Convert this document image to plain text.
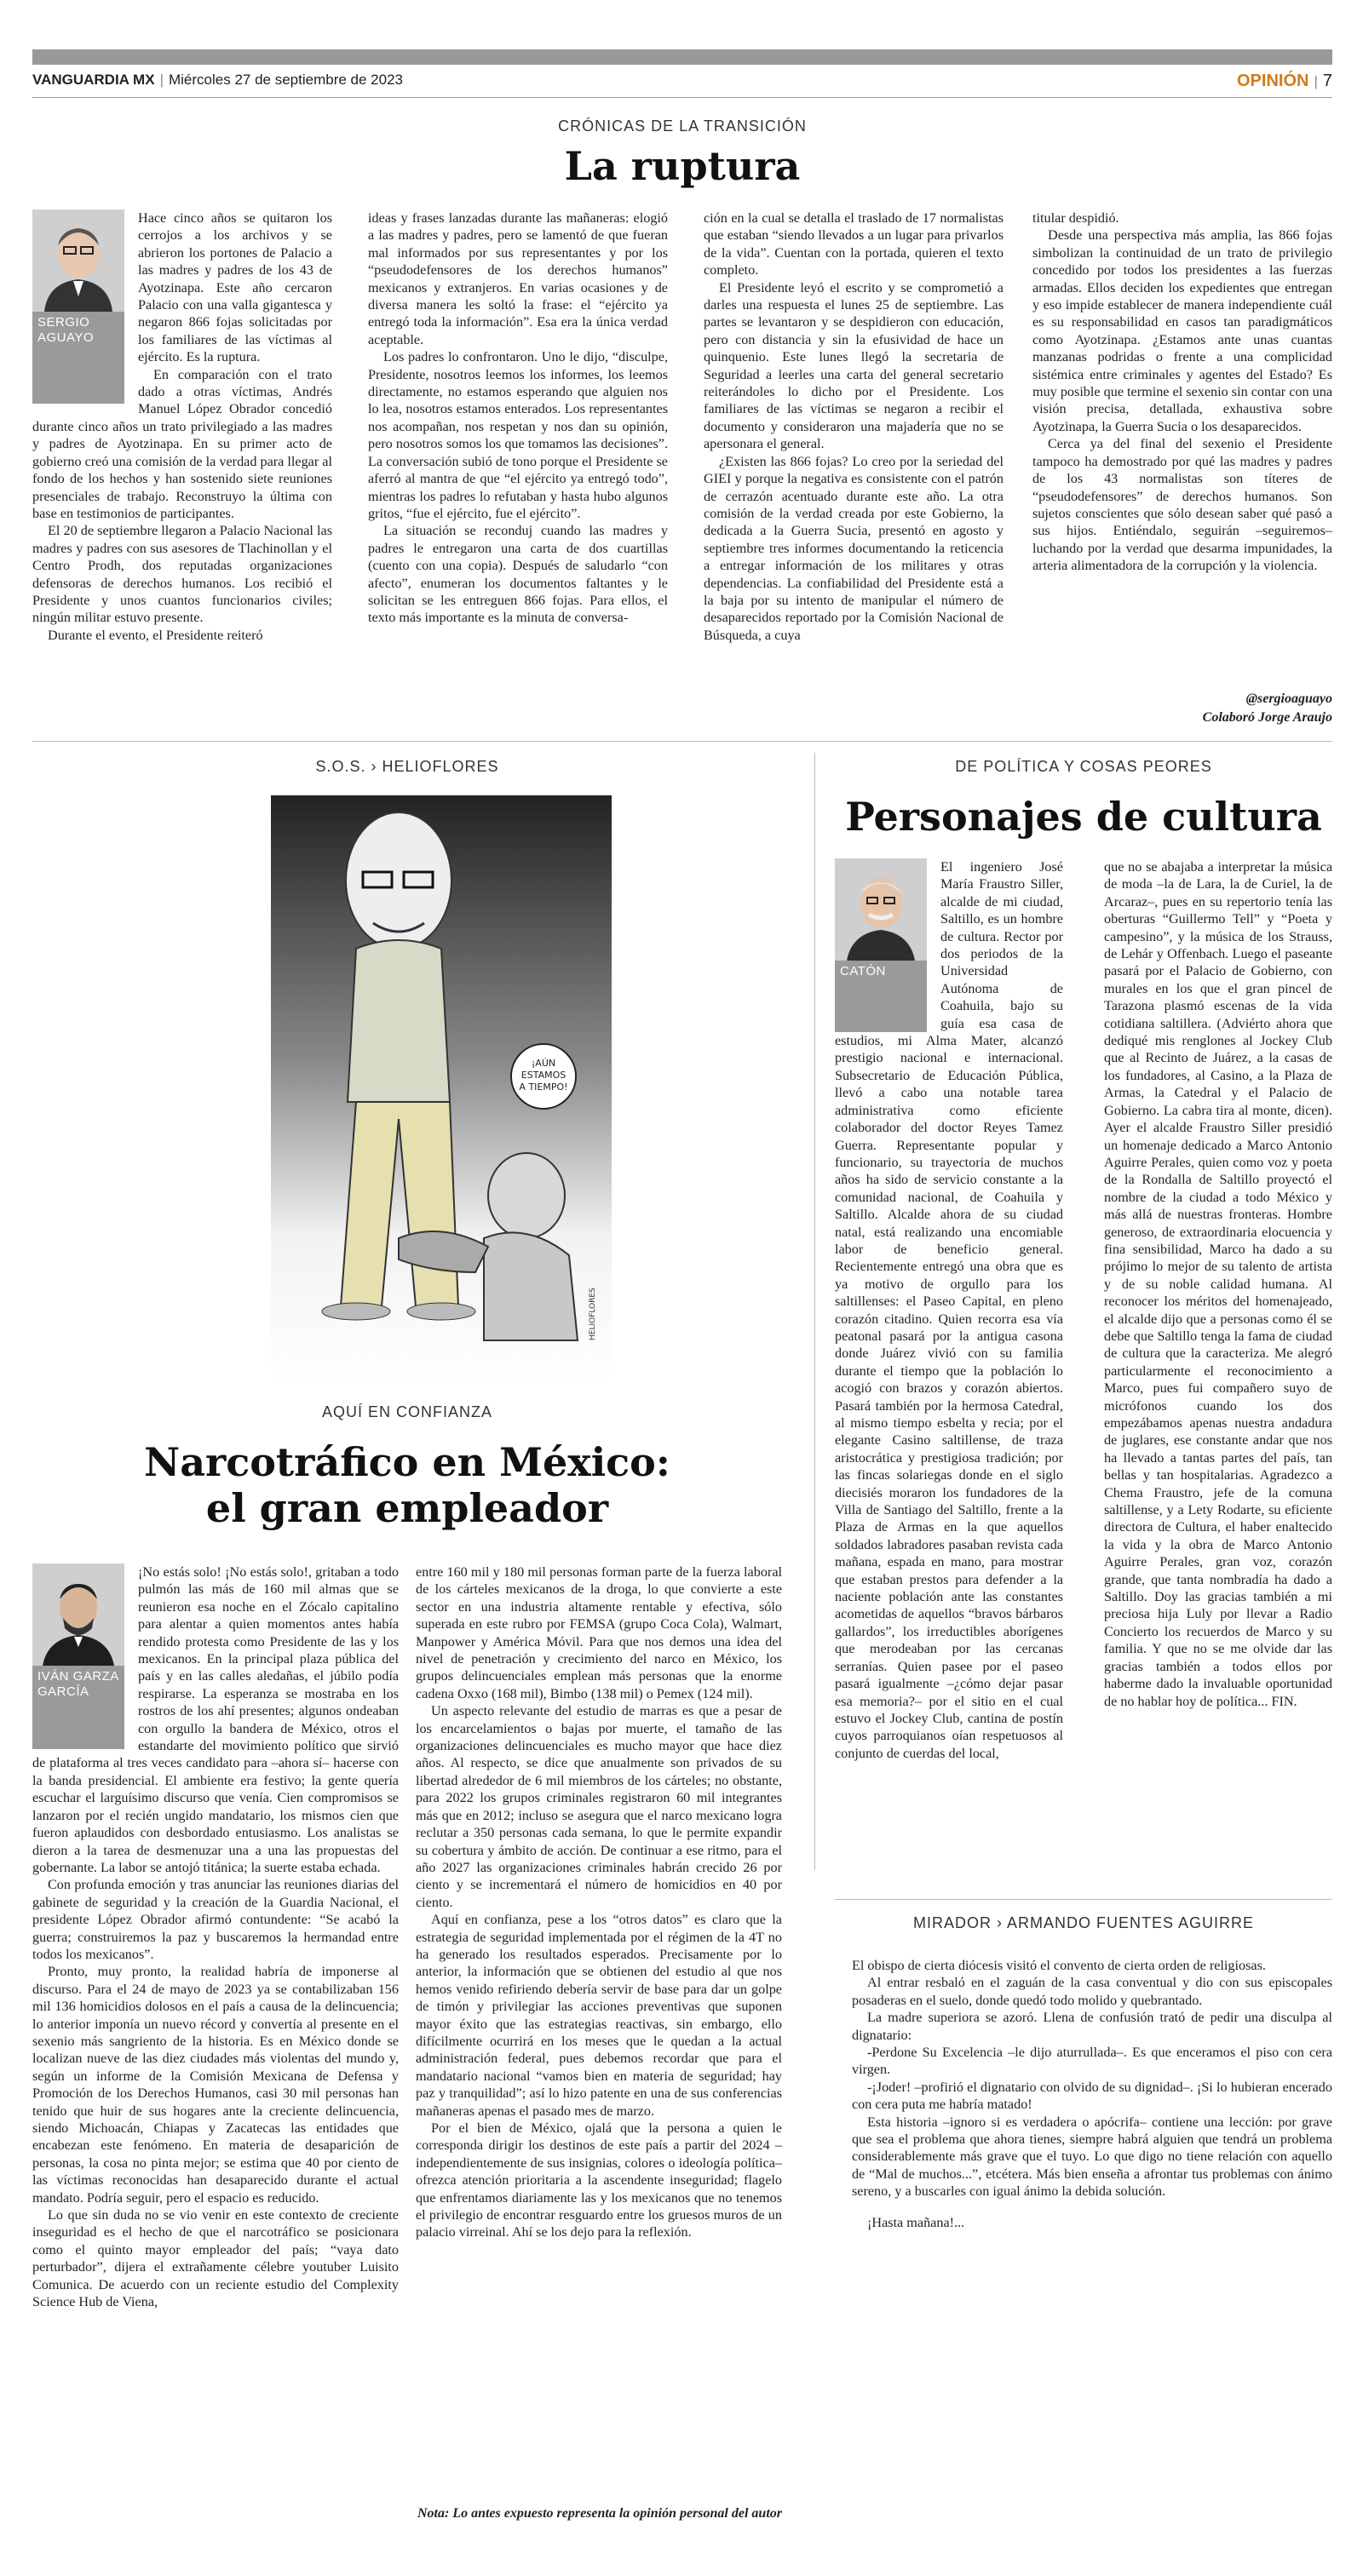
VANGUARDIA MX | Miércoles 27 de septiembre de 2023	OPINIÓN | 7
CRÓNICAS DE LA TRANSICIÓN
La ruptura
SERGIO AGUAYO

Hace cinco años se quitaron los cerrojos a los archivos y se abrieron los portones de Palacio a las madres y padres de los 43 de Ayotzinapa. Este año cercaron Palacio con una valla gigantesca y negaron 866 fojas solicitadas por los familiares de las víctimas al ejército. Es la ruptura.

En comparación con el trato dado a otras víctimas, Andrés Manuel López Obrador concedió durante cinco años un trato privilegiado a las madres y padres de Ayotzinapa. En su primer acto de gobierno creó una comisión de la verdad para llegar al fondo de los hechos y han sostenido siete reuniones presenciales de trabajo. Reconstruyo la última con base en testimonios de participantes.

El 20 de septiembre llegaron a Palacio Nacional las madres y padres con sus asesores de Tlachinollan y el Centro Prodh, dos reputadas organizaciones defensoras de derechos humanos. Los recibió el Presidente y unos cuantos funcionarios civiles; ningún militar estuvo presente.

Durante el evento, el Presidente reiteró

ideas y frases lanzadas durante las mañaneras: elogió a las madres y padres, pero se lamentó de que fueran mal informados por sus representantes y por los “pseudodefensores de los derechos humanos” mexicanos y extranjeros. En varias ocasiones y de diversa manera les soltó la frase: el “ejército ya entregó toda la información”. Esa era la única verdad aceptable.

Los padres lo confrontaron. Uno le dijo, “disculpe, Presidente, nosotros leemos los informes, los leemos directamente, no estamos esperando que alguien nos lo lea, nosotros estamos enterados. Los representantes nos acompañan, nos respetan y nos dan su opinión, pero nosotros somos los que tomamos las decisiones”. La conversación subió de tono porque el Presidente se aferró al mantra de que “el ejército ya entregó todo”, mientras los padres lo refutaban y hasta hubo algunos gritos, “fue el ejército, fue el ejército”.

La situación se reconduj cuando las madres y padres le entregaron una carta de dos cuartillas (cuento con una copia). Después de saludarlo “con afecto”, enumeran los documentos faltantes y le solicitan se les entreguen 866 fojas. Para ellos, el texto más importante es la minuta de conversa-

ción en la cual se detalla el traslado de 17 normalistas que estaban “siendo llevados a un lugar para privarlos de la vida”. Cuentan con la portada, quieren el texto completo.

El Presidente leyó el escrito y se comprometió a darles una respuesta el lunes 25 de septiembre. Las partes se levantaron y se despidieron con educación, pero con distancia y sin la efusividad de hace un quinquenio. Este lunes llegó la secretaria de Seguridad a leerles una carta del general secretario reiterándoles lo dicho por el Presidente. Los familiares de las víctimas se negaron a recibir el documento y consideraron una majadería que no se apersonara el general.

¿Existen las 866 fojas? Lo creo por la seriedad del GIEI y porque la negativa es consistente con el patrón de cerrazón acentuado durante este año. La otra comisión de la verdad creada por este Gobierno, la dedicada a la Guerra Sucia, presentó en agosto y septiembre tres informes documentando la reticencia a entregar información de los militares y otras dependencias. La confiabilidad del Presidente está a la baja por su intento de manipular el número de desaparecidos reportado por la Comisión Nacional de Búsqueda, a cuya

titular despidió.

Desde una perspectiva más amplia, las 866 fojas simbolizan la continuidad de un trato de privilegio concedido por todos los presidentes a las fuerzas armadas. Ellos deciden los expedientes que entregan y eso impide establecer de manera independiente cuál es su responsabilidad en casos tan paradigmáticos como Ayotzinapa. ¿Estamos ante unas cuantas manzanas podridas o frente a una complicidad sistémica entre criminales y agentes del Estado? Es muy posible que termine el sexenio sin contar con una visión precisa, detallada, exhaustiva sobre Ayotzinapa, la Guerra Sucia o los desaparecidos.

Cerca ya del final del sexenio el Presidente tampoco ha demostrado por qué las madres y padres de los 43 normalistas son títeres de “pseudodefensores” de derechos humanos. Son sujetos conscientes que sólo desean saber qué pasó a sus hijos. Entiéndalo, seguirán –seguiremos– luchando por la verdad que desarma impunidades, la arteria alimentadora de la corrupción y la violencia.

@sergioaguayo
Colaboró Jorge Araujo
S.O.S. › HELIOFLORES
¡AÚN
ESTAMOS
A TIEMPO!
HELIOFLORES
AQUÍ EN CONFIANZA
Narcotráfico en México:
el gran empleador
IVÁN GARZA GARCÍA

¡No estás solo! ¡No estás solo!, gritaban a todo pulmón las más de 160 mil almas que se reunieron esa noche en el Zócalo capitalino para alentar a quien momentos antes había rendido protesta como Presidente de las y los mexicanos. En la principal plaza pública del país y en las calles aledañas, el júbilo podía respirarse. La esperanza se mostraba en los rostros de los ahí presentes; algunos ondeaban con orgullo la bandera de México, otros el estandarte del movimiento político que sirvió de plataforma al tres veces candidato para –ahora sí– hacerse con la banda presidencial. El ambiente era festivo; la gente quería escuchar el larguísimo discurso que venía. Cien compromisos se lanzaron por el recién ungido mandatario, los mismos cien que fueron aplaudidos con desbordado entusiasmo. Los analistas se dieron a la tarea de desmenuzar una a una las propuestas del gobernante. La labor se antojó titánica; la suerte estaba echada.

Con profunda emoción y tras anunciar las reuniones diarias del gabinete de seguridad y la creación de la Guardia Nacional, el presidente López Obrador afirmó contundente: “Se acabó la guerra; construiremos la paz y buscaremos la hermandad entre todos los mexicanos”.

Pronto, muy pronto, la realidad habría de imponerse al discurso. Para el 24 de mayo de 2023 ya se contabilizaban 156 mil 136 homicidios dolosos en el país a causa de la delincuencia; lo anterior imponía un nuevo récord y convertía al presente en el sexenio más sangriento de la historia. Es en México donde se localizan nueve de las diez ciudades más violentas del mundo y, según un informe de la Comisión Mexicana de Defensa y Promoción de los Derechos Humanos, casi 30 mil personas han tenido que huir de sus hogares ante la creciente delincuencia, siendo Michoacán, Chiapas y Zacatecas las entidades que encabezan este fenómeno. En materia de desaparición de personas, la cosa no pinta mejor; se estima que 40 por ciento de las víctimas reconocidas han desaparecido durante el actual mandato. Podría seguir, pero el espacio es reducido.

Lo que sin duda no se vio venir en este contexto de creciente inseguridad es el hecho de que el narcotráfico se posicionara como el quinto mayor empleador del país; “vaya dato perturbador”, dijera el extrañamente célebre youtuber Luisito Comunica. De acuerdo con un reciente estudio del Complexity Science Hub de Viena,

entre 160 mil y 180 mil personas forman parte de la fuerza laboral de los cárteles mexicanos de la droga, lo que convierte a este sector en una industria altamente rentable y efectiva, sólo superada en este rubro por FEMSA (grupo Coca Cola), Walmart, Manpower y América Móvil. Para que nos demos una idea del nivel de penetración y crecimiento del narco en México, los grupos delincuenciales emplean más personas que la enorme cadena Oxxo (168 mil), Bimbo (138 mil) o Pemex (124 mil).

Un aspecto relevante del estudio de marras es que a pesar de los encarcelamientos o bajas por muerte, el tamaño de las organizaciones delincuenciales es mucho mayor que hace diez años. Al respecto, se dice que anualmente son privados de su libertad alrededor de 6 mil miembros de los cárteles; no obstante, para 2022 los grupos criminales registraron 60 mil integrantes más que en 2012; incluso se asegura que el narco mexicano logra reclutar a 350 personas cada semana, lo que le permite expandir su cobertura y ámbito de acción. De continuar a ese ritmo, para el año 2027 las organizaciones criminales habrán crecido 26 por ciento y se incrementará el número de homicidios en 40 por ciento.

Aquí en confianza, pese a los “otros datos” es claro que la estrategia de seguridad implementada por el régimen de la 4T no ha generado los resultados esperados. Precisamente por lo anterior, la información que se obtienen del estudio al que nos hemos venido refiriendo debería servir de base para dar un golpe de timón y privilegiar las acciones preventivas que suponen mayor éxito que las estrategias reactivas, sin embargo, ello difícilmente ocurrirá en los meses que le quedan a la actual administración federal, pues debemos recordar que para el mandatario nacional “vamos bien en materia de seguridad; hay paz y tranquilidad”; así lo hizo patente en una de sus conferencias mañaneras apenas el pasado mes de marzo.

Por el bien de México, ojalá que la persona a quien le corresponda dirigir los destinos de este país a partir del 2024 –independientemente de sus insignias, colores o ideología política– ofrezca atención prioritaria a la ascendente inseguridad; flagelo que enfrentamos diariamente las y los mexicanos que no tenemos el privilegio de encontrar resguardo entre los gruesos muros de un palacio virreinal. Ahí se los dejo para la reflexión.

Nota: Lo antes expuesto representa la opinión personal del autor
DE POLÍTICA Y COSAS PEORES
Personajes de cultura
CATÓN

El ingeniero José María Fraustro Siller, alcalde de mi ciudad, Saltillo, es un hombre de cultura. Rector por dos periodos de la Universidad Autónoma de Coahuila, bajo su guía esa casa de estudios, mi Alma Mater, alcanzó prestigio nacional e internacional. Subsecretario de Educación Pública, llevó a cabo una notable tarea administrativa como eficiente colaborador del doctor Reyes Tamez Guerra. Representante popular y funcionario, su trayectoria de muchos años ha sido de servicio constante a la comunidad nacional, de Coahuila y Saltillo. Alcalde ahora de su ciudad natal, está realizando una encomiable labor de beneficio general. Recientemente entregó una obra que es ya motivo de orgullo para los saltillenses: el Paseo Capital, en pleno corazón citadino. Quien recorra esa vía peatonal pasará por la antigua casona donde Juárez vivió con su familia durante el tiempo que la población lo acogió con brazos y corazón abiertos. Pasará también por la hermosa Catedral, al mismo tiempo esbelta y recia; por el elegante Casino saltillense, de traza aristocrática y prestigiosa tradición; por las fincas solariegas donde en el siglo diecisiés moraron los fundadores de la Villa de Santiago del Saltillo, frente a la Plaza de Armas en la que aquellos soldados labradores pasaban revista cada mañana, espada en mano, para mostrar que estaban prestos para defender a la naciente población ante las constantes acometidas de aquellos “bravos bárbaros gallardos”, los irreductibles aborígenes que merodeaban por las cercanas serranías. Quien pasee por el paseo pasará igualmente –¿cómo dejar pasar esa memoria?– por el sitio en el cual estuvo el Jockey Club, cantina de postín cuyos parroquianos oían respetuosos al conjunto de cuerdas del local,

que no se abajaba a interpretar la música de moda –la de Lara, la de Curiel, la de Arcaraz–, pues en su repertorio tenía las oberturas “Guillermo Tell” y “Poeta y campesino”, y la música de los Strauss, de Lehár y Offenbach. Luego el paseante pasará por el Palacio de Gobierno, con murales en los que el gran pincel de Tarazona plasmó escenas de la vida cotidiana saltillera. (Adviérto ahora que dediqué mis renglones al Jockey Club que al Recinto de Juárez, a la casas de los fundadores, al Casino, a la Plaza de Armas, la Catedral y el Palacio de Gobierno. La cabra tira al monte, dicen). Ayer el alcalde Fraustro Siller presidió un homenaje dedicado a Marco Antonio Aguirre Perales, quien como voz y poeta de la Rondalla de Saltillo proyectó el nombre de la ciudad a todo México y más allá de nuestras fronteras. Hombre generoso, de extraordinaria elocuencia y fina sensibilidad, Marco ha dado a su prójimo lo mejor de su talento de artista y de su noble calidad humana. Al reconocer los méritos del homenajeado, el alcalde dijo que a personas como él se debe que Saltillo tenga la fama de ciudad de cultura que la caracteriza. Me alegró particularmente el reconocimiento a Marco, pues fui compañero suyo de micrófonos cuando los dos empezábamos apenas nuestra andadura de juglares, ese constante andar que nos ha llevado a tantas partes del país, tan bellas y tan hospitalarias. Agradezco a Chema Fraustro, jefe de la comuna saltillense, y a Lety Rodarte, su eficiente directora de Cultura, el haber enaltecido la vida y la obra de Marco Antonio Aguirre Perales, gran voz, corazón grande, que tanta nombradía ha dado a Saltillo. Doy las gracias también a mi preciosa hija Luly por llevar a Radio Concierto los recuerdos de Marco y su familia. Y que no se me olvide dar las gracias también a todos ellos por haberme dado la invaluable oportunidad de no hablar hoy de política... FIN.

MIRADOR › ARMANDO FUENTES AGUIRRE

El obispo de cierta diócesis visitó el convento de cierta orden de religiosas.

Al entrar resbaló en el zaguán de la casa conventual y dio con sus episcopales posaderas en el suelo, donde quedó todo molido y quebrantado.

La madre superiora se azoró. Llena de confusión trató de pedir una disculpa al dignatario:

-Perdone Su Excelencia –le dijo aturrullada–. Es que enceramos el piso con cera virgen.

-¡Joder! –profirió el dignatario con olvido de su dignidad–. ¡Si lo hubieran encerado con cera puta me habría matado!

Esta historia –ignoro si es verdadera o apócrifa– contiene una lección: por grave que sea el problema que ahora tienes, siempre habrá alguien que tendrá un problema considerablemente más grave que el tuyo. Lo que digo no tiene relación con aquello de “Mal de muchos...”, etcétera. Más bien enseña a afrontar tus problemas con ánimo sereno, y a buscarles con igual ánimo la debida solución.

¡Hasta mañana!...
